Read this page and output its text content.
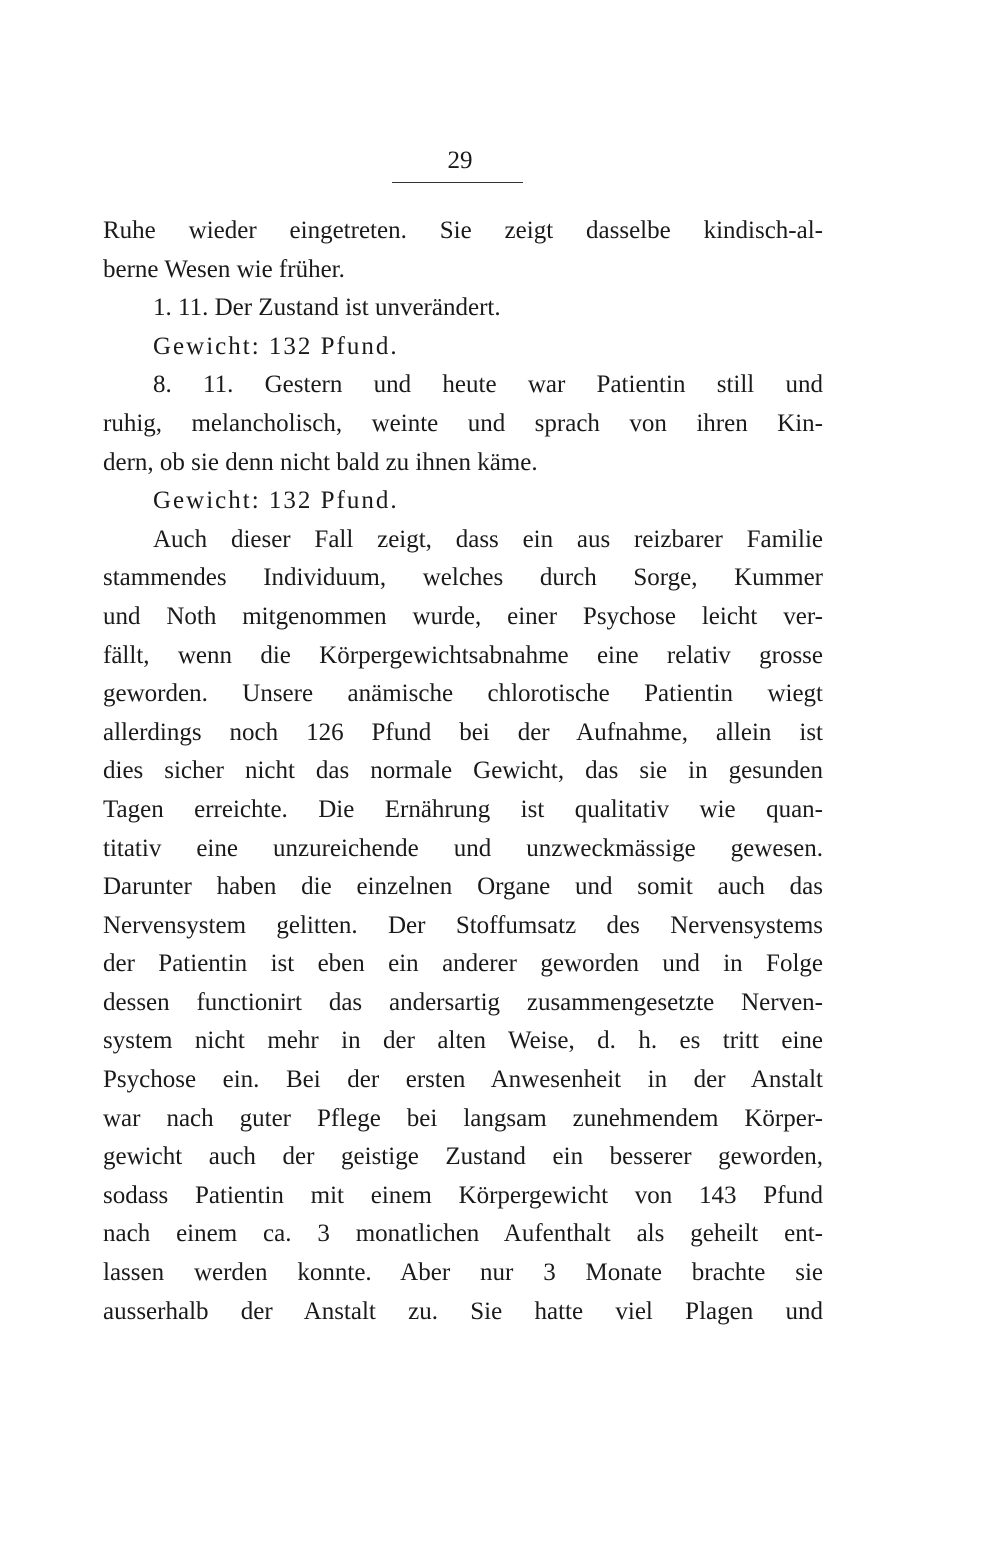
29
Ruhe wieder eingetreten. Sie zeigt dasselbe kindisch-al-
berne Wesen wie früher.
1. 11. Der Zustand ist unverändert.
Gewicht: 132 Pfund.
8. 11. Gestern und heute war Patientin still und
ruhig, melancholisch, weinte und sprach von ihren Kin-
dern, ob sie denn nicht bald zu ihnen käme.
Gewicht: 132 Pfund.
Auch dieser Fall zeigt, dass ein aus reizbarer Familie
stammendes Individuum, welches durch Sorge, Kummer
und Noth mitgenommen wurde, einer Psychose leicht ver-
fällt, wenn die Körpergewichtsabnahme eine relativ grosse
geworden. Unsere anämische chlorotische Patientin wiegt
allerdings noch 126 Pfund bei der Aufnahme, allein ist
dies sicher nicht das normale Gewicht, das sie in gesunden
Tagen erreichte. Die Ernährung ist qualitativ wie quan-
titativ eine unzureichende und unzweckmässige gewesen.
Darunter haben die einzelnen Organe und somit auch das
Nervensystem gelitten. Der Stoffumsatz des Nervensystems
der Patientin ist eben ein anderer geworden und in Folge
dessen functionirt das andersartig zusammengesetzte Nerven-
system nicht mehr in der alten Weise, d. h. es tritt eine
Psychose ein. Bei der ersten Anwesenheit in der Anstalt
war nach guter Pflege bei langsam zunehmendem Körper-
gewicht auch der geistige Zustand ein besserer geworden,
sodass Patientin mit einem Körpergewicht von 143 Pfund
nach einem ca. 3 monatlichen Aufenthalt als geheilt ent-
lassen werden konnte. Aber nur 3 Monate brachte sie
ausserhalb der Anstalt zu. Sie hatte viel Plagen und
